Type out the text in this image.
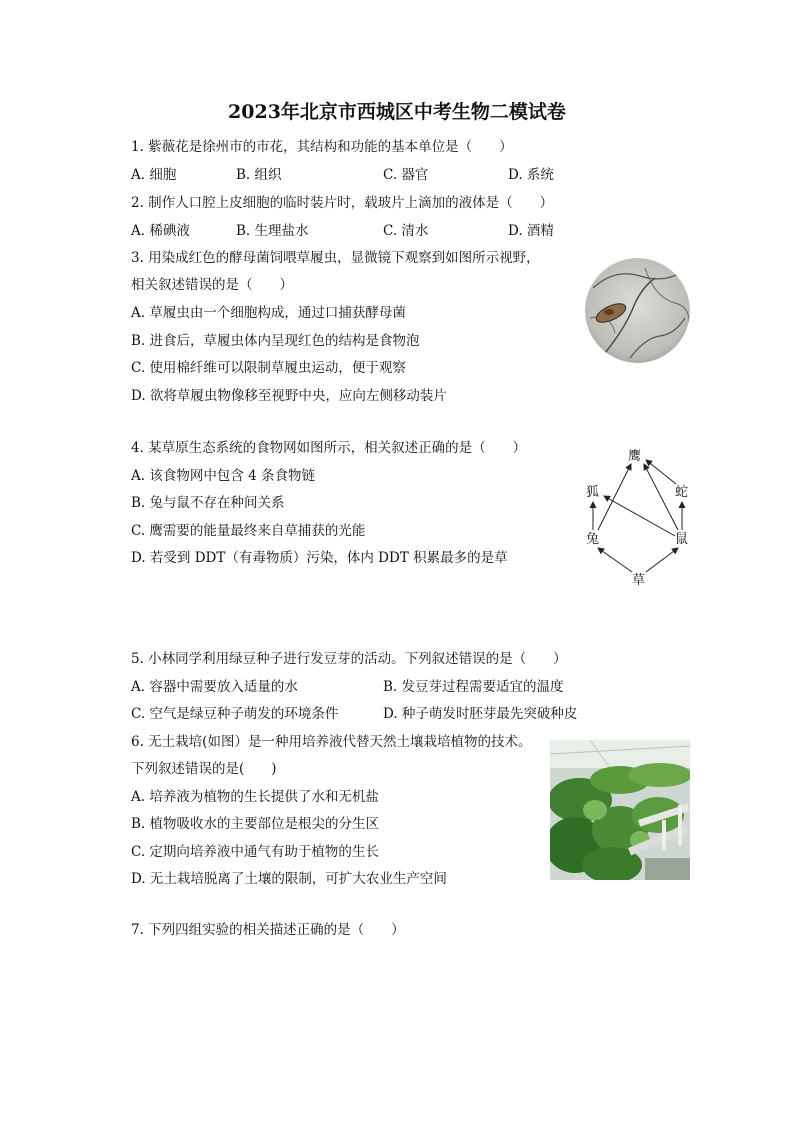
2023年北京市西城区中考生物二模试卷
1. 紫薇花是徐州市的市花，其结构和功能的基本单位是（　　）
A. 细胞	B. 组织	C. 器官	D. 系统
2. 制作人口腔上皮细胞的临时装片时，载玻片上滴加的液体是（　　）
A. 稀碘液	B. 生理盐水	C. 清水	D. 酒精
3. 用染成红色的酵母菌饲喂草履虫，显微镜下观察到如图所示视野，
相关叙述错误的是（　　）
A. 草履虫由一个细胞构成，通过口捕获酵母菌
B. 进食后，草履虫体内呈现红色的结构是食物泡
C. 使用棉纤维可以限制草履虫运动，便于观察
D. 欲将草履虫物像移至视野中央，应向左侧移动装片
4. 某草原生态系统的食物网如图所示，相关叙述正确的是（　　）
A. 该食物网中包含 4 条食物链
B. 兔与鼠不存在种间关系
C. 鹰需要的能量最终来自草捕获的光能
D. 若受到 DDT（有毒物质）污染，体内 DDT 积累最多的是草
鹰
狐	蛇
兔	鼠
草
5. 小林同学利用绿豆种子进行发豆芽的活动。下列叙述错误的是（　　）
A. 容器中需要放入适量的水	B. 发豆芽过程需要适宜的温度
C. 空气是绿豆种子萌发的环境条件	D. 种子萌发时胚芽最先突破种皮
6. 无土栽培(如图）是一种用培养液代替天然土壤栽培植物的技术。
下列叙述错误的是(　　)
A. 培养液为植物的生长提供了水和无机盐
B. 植物吸收水的主要部位是根尖的分生区
C. 定期向培养液中通气有助于植物的生长
D. 无土栽培脱离了土壤的限制，可扩大农业生产空间
7. 下列四组实验的相关描述正确的是（　　）
